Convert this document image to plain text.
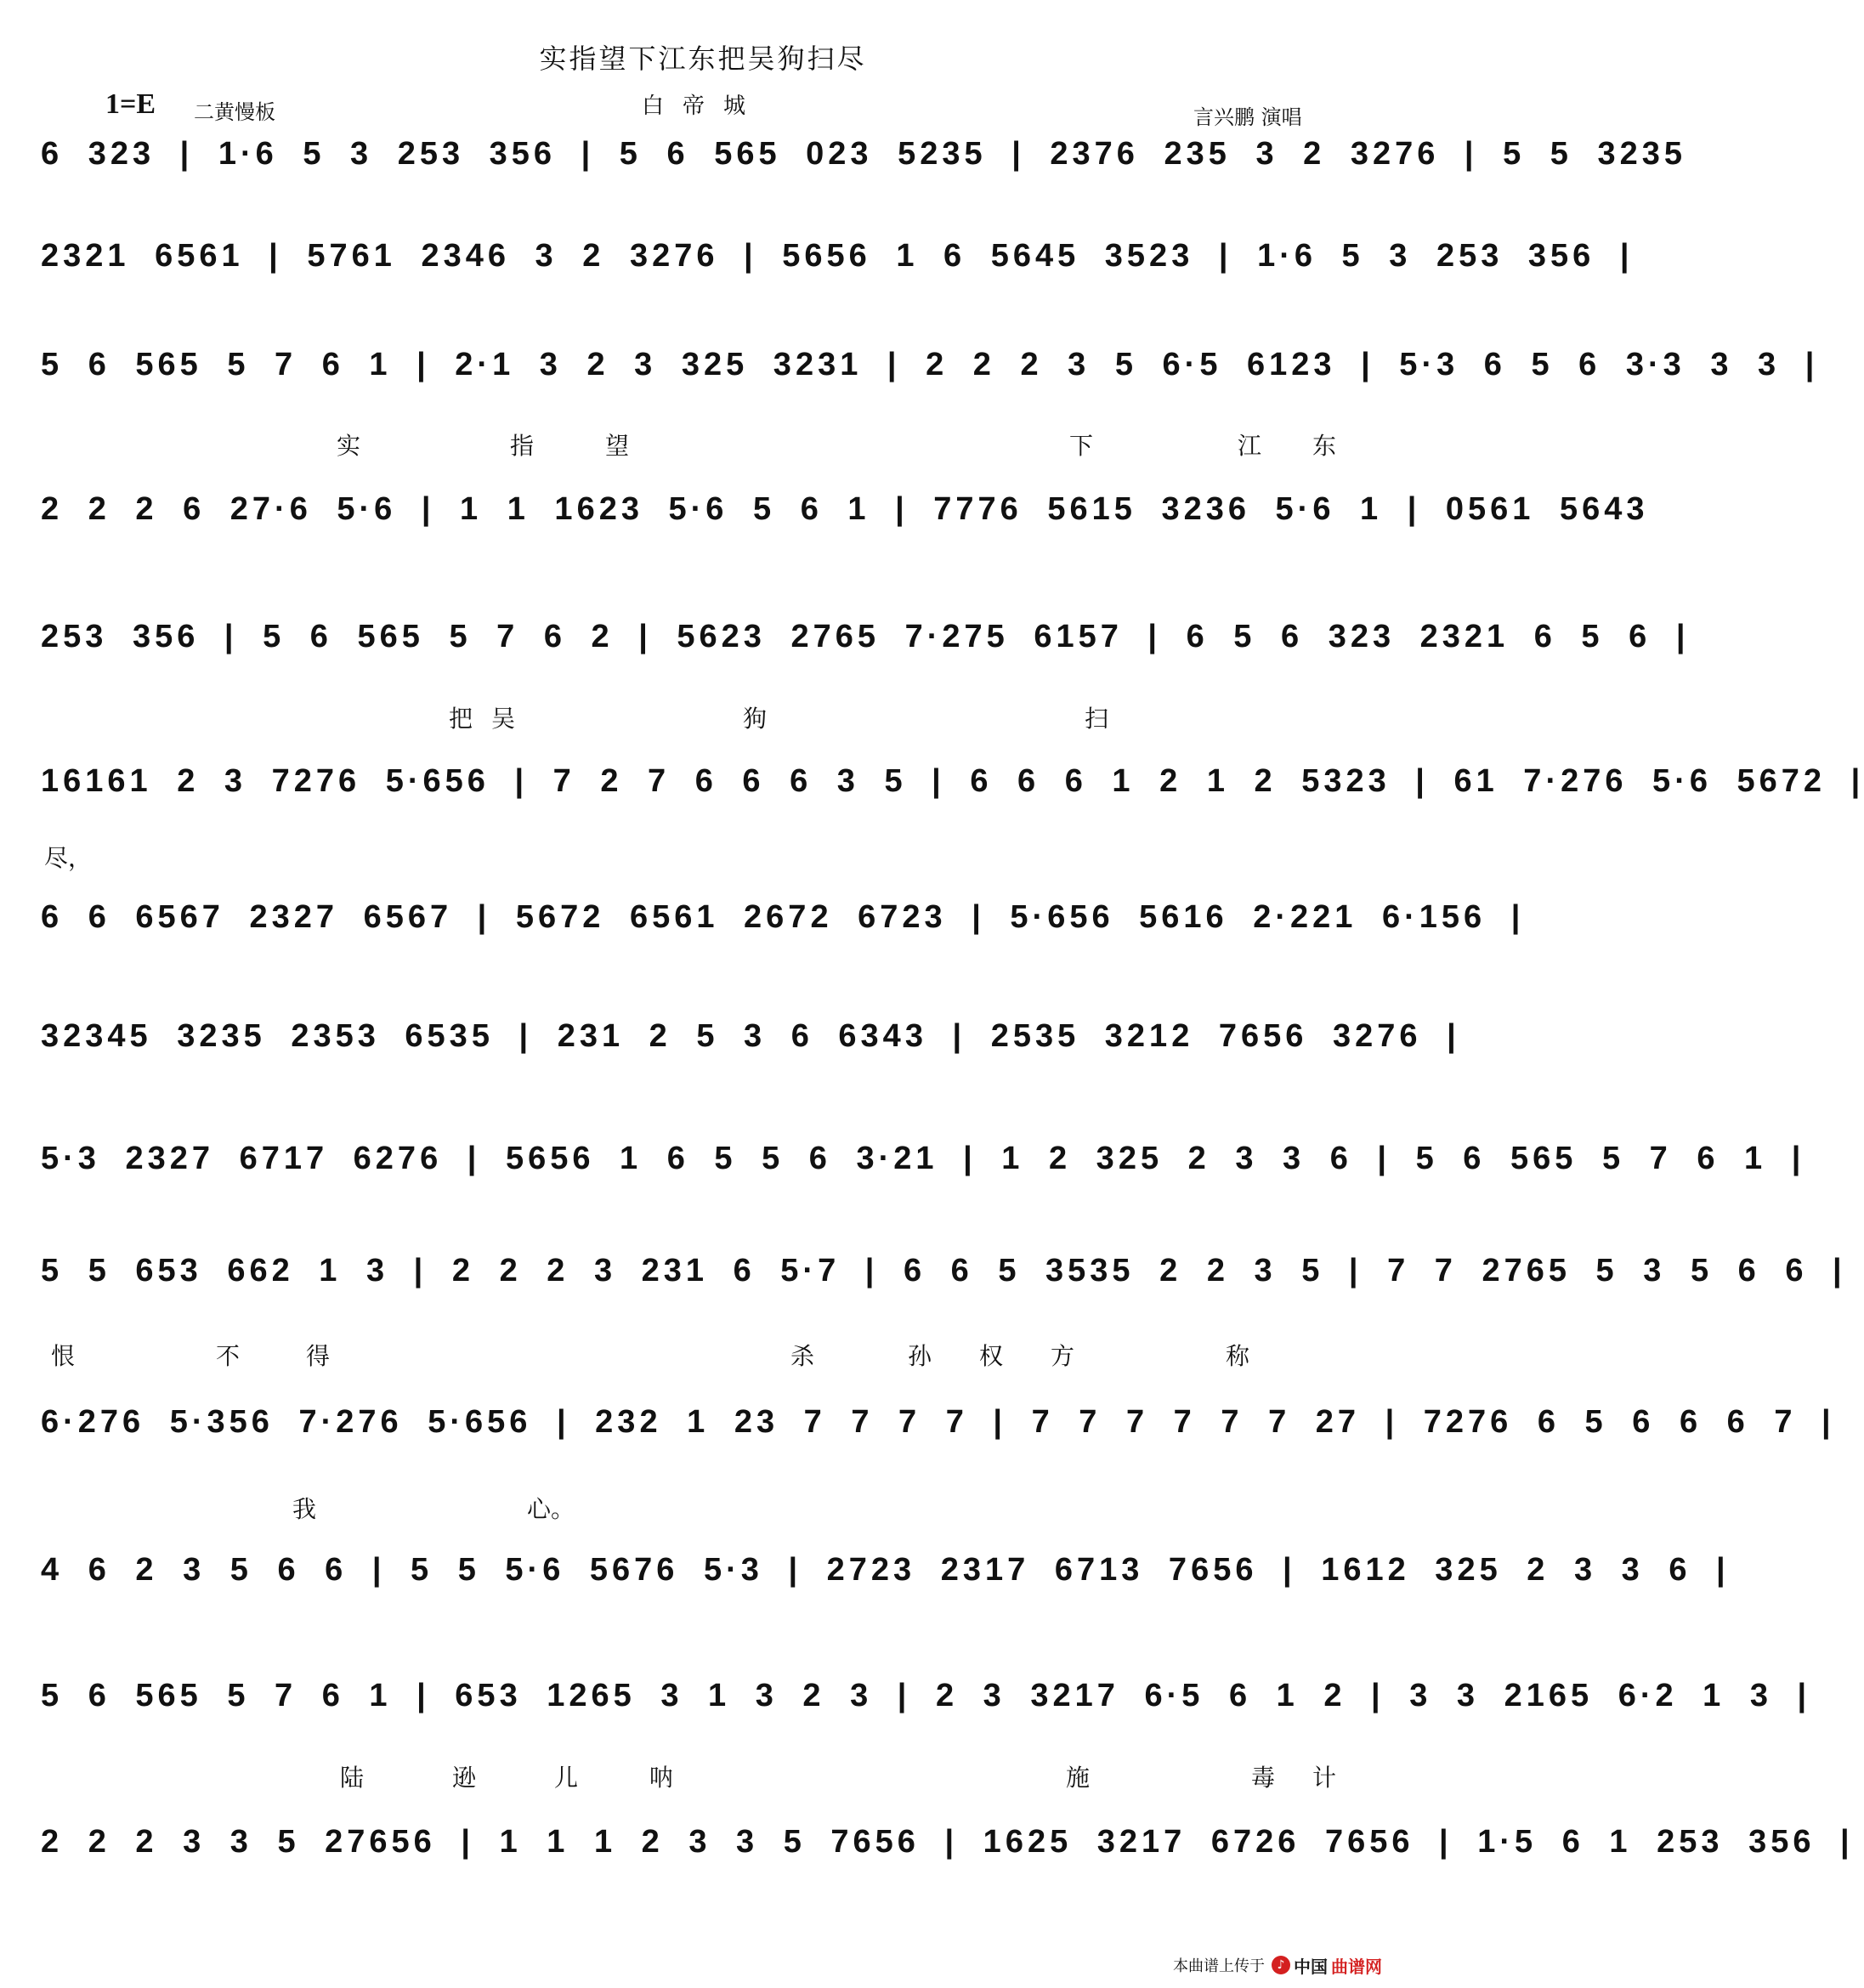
实指望下江东把吴狗扫尽
1=E 二黄慢板	白帝城	言兴鹏 演唱
6 323 | 1·6 5 3 253 356 | 5 6 565 023 5235 | 2376 235 3 2 3276 | 5 5 3235
2321 6561 | 5761 2346 3 2 3276 | 5656 1 6 5645 3523 | 1·6 5 3 253 356 |
5 6 565 5 7 6 1 | 2·1 3 2 3 325 3231 | 2 2 2 3 5 6·5 6123 | 5·3 6 5 6 3·3 3 3 |
实	指	望	下	江 东
2 2 2 6 27·6 5·6 | 1 1 1623 5·6 5 6 1 | 7776 5615 3236 5·6 1 | 0561 5643
253 356 | 5 6 565 5 7 6 2 | 5623 2765 7·275 6157 | 6 5 6 323 2321 6 5 6 |
把吴	狗	扫
16161 2 3 7276 5·656 | 7 2 7 6 6 6 3 5 | 6 6 6 1 2 1 2 5323 | 61 7·276 5·6 5672 |
尽，
6 6 6567 2327 6567 | 5672 6561 2672 6723 | 5·656 5616 2·221 6·156 |
32345 3235 2353 6535 | 231 2 5 3 6 6343 | 2535 3212 7656 3276 |
5·3 2327 6717 6276 | 5656 1 6 5 5 6 3·21 | 1 2 325 2 3 3 6 | 5 6 565 5 7 6 1 |
5 5 653 662 1 3 | 2 2 2 3 231 6 5·7 | 6 6 5 3535 2 2 3 5 | 7 7 2765 5 3 5 6 6 |
恨	不	得	杀	孙 权 方	称
6·276 5·356 7·276 5·656 | 232 1 23 7 7 7 7 | 7 7 7 7 7 7 27 | 7276 6 5 6 6 6 7 |
我	心。
4 6 2 3 5 6 6 | 5 5 5·6 5676 5·3 | 2723 2317 6713 7656 | 1612 325 2 3 3 6 |
5 6 565 5 7 6 1 | 653 1265 3 1 3 2 3 | 2 3 3217 6·5 6 1 2 | 3 3 2165 6·2 1 3 |
陆	逊	儿	呐	施	毒 计
2 2 2 3 3 5 27656 | 1 1 1 2 3 3 5 7656 | 1625 3217 6726 7656 | 1·5 6 1 253 356 |
本曲谱上传于	♪ 中国 曲谱网
